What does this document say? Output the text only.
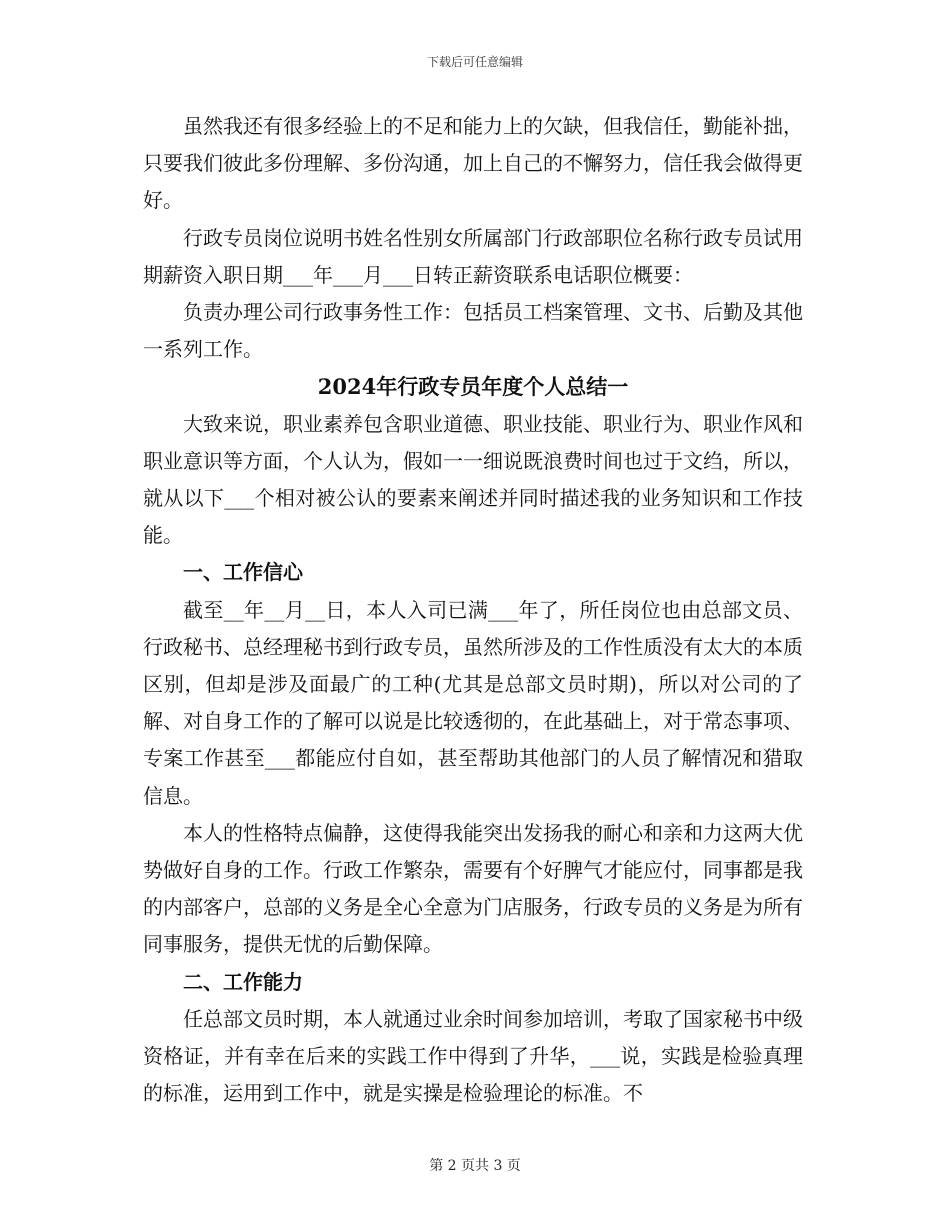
下载后可任意编辑

虽然我还有很多经验上的不足和能力上的欠缺，但我信任，勤能补拙，只要我们彼此多份理解、多份沟通，加上自己的不懈努力，信任我会做得更好。

行政专员岗位说明书姓名性别女所属部门行政部职位名称行政专员试用期薪资入职日期___年___月___日转正薪资联系电话职位概要：

负责办理公司行政事务性工作：包括员工档案管理、文书、后勤及其他一系列工作。

2024年行政专员年度个人总结一

大致来说，职业素养包含职业道德、职业技能、职业行为、职业作风和职业意识等方面，个人认为，假如一一细说既浪费时间也过于文绉，所以，就从以下___个相对被公认的要素来阐述并同时描述我的业务知识和工作技能。

一、工作信心

截至__年__月__日，本人入司已满___年了，所任岗位也由总部文员、行政秘书、总经理秘书到行政专员，虽然所涉及的工作性质没有太大的本质区别，但却是涉及面最广的工种(尤其是总部文员时期)，所以对公司的了解、对自身工作的了解可以说是比较透彻的，在此基础上，对于常态事项、专案工作甚至___都能应付自如，甚至帮助其他部门的人员了解情况和猎取信息。

本人的性格特点偏静，这使得我能突出发扬我的耐心和亲和力这两大优势做好自身的工作。行政工作繁杂，需要有个好脾气才能应付，同事都是我的内部客户，总部的义务是全心全意为门店服务，行政专员的义务是为所有同事服务，提供无忧的后勤保障。

二、工作能力

任总部文员时期，本人就通过业余时间参加培训，考取了国家秘书中级资格证，并有幸在后来的实践工作中得到了升华，___说，实践是检验真理的标准，运用到工作中，就是实操是检验理论的标准。不

第 2 页共 3 页
